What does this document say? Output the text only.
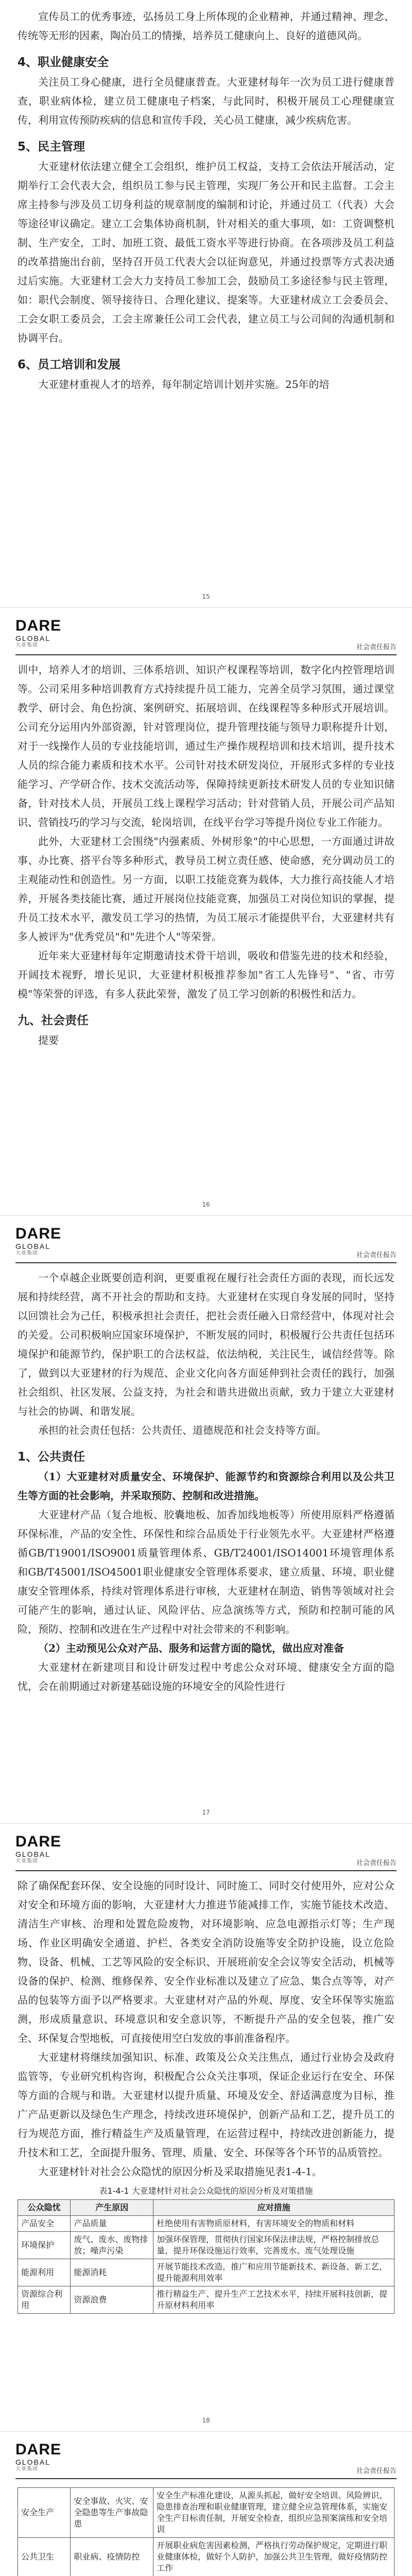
宣传员工的优秀事迹，弘扬员工身上所体现的企业精神，并通过精神、理念、传统等无形的因素，陶冶员工的情操，培养员工健康向上、良好的道德风尚。

4、职业健康安全

关注员工身心健康，进行全员健康普查。大亚建材每年一次为员工进行健康普查，职业病体检，建立员工健康电子档案，与此同时，积极开展员工心理健康宣传，利用宣传预防疾病的信息和宣传手段，关心员工健康，减少疾病危害。

5、民主管理

大亚建材依法建立健全工会组织，维护员工权益，支持工会依法开展活动，定期举行工会代表大会，组织员工参与民主管理，实现厂务公开和民主监督。工会主席主持参与涉及员工切身利益的规章制度的编制和讨论，并通过员工（代表）大会等途径审议确定。建立工会集体协商机制，针对相关的重大事项，如：工资调整机制、生产安全，工时、加班工资、最低工资水平等进行协商。在各项涉及员工利益的改革措施出台前，坚持召开员工代表大会以征询意见，并通过投票等方式表决通过后实施。大亚建材工会大力支持员工参加工会，鼓励员工多途径参与民主管理，如：职代会制度、领导接待日、合理化建议、提案等。大亚建材成立工会委员会、工会女职工委员会，工会主席兼任公司工会代表，建立员工与公司间的沟通机制和协调平台。

6、员工培训和发展

大亚建材重视人才的培养，每年制定培训计划并实施。25年的培

15
DARE
GLOBAL
大亚集团	社会责任报告

训中，培养人才的培训、三体系培训、知识产权课程等培训，数字化内控管理培训等。公司采用多种培训教育方式持续提升员工能力，完善全员学习氛围，通过课堂教学、研讨会、角色扮演、案例研究、拓展培训、在线课程等多种形式开展培训。公司充分运用内外部资源，针对管理岗位，提升管理技能与领导力职称提升计划，对于一线操作人员的专业技能培训，通过生产操作规程培训和技术培训，提升技术人员的综合能力素质和技术水平。公司针对技术研发岗位，开展形式多样的专业技能学习、产学研合作、技术交流活动等，保障持续更新技术研发人员的专业知识储备，针对技术人员，开展员工线上课程学习活动；针对营销人员，开展公司产品知识、营销技巧的学习与交流，轮岗培训，在线平台学习等提升岗位专业工作能力。

此外，大亚建材工会围绕"内强素质、外树形象"的中心思想，一方面通过讲故事、办比赛、搭平台等多种形式，教导员工树立责任感、使命感，充分调动员工的主观能动性和创造性。另一方面，以职工技能竞赛为载体，大力推行高技能人才培养，开展各类技能比赛，通过开展岗位技能竞赛，加强员工对岗位知识的掌握，提升员工技术水平，激发员工学习的热情，为员工展示才能提供平台，大亚建材共有多人被评为"优秀党员"和"先进个人"等荣誉。

近年来大亚建材每年定期邀请技术骨干培训，吸收和借鉴先进的技术和经验，开阔技术视野，增长见识，大亚建材积极推荐参加"省工人先锋号"、"省、市劳模"等荣誉的评选，有多人获此荣誉，激发了员工学习创新的积极性和活力。

九、社会责任

提要

16
DARE
GLOBAL
大亚集团	社会责任报告

一个卓越企业既要创造利润，更要重视在履行社会责任方面的表现，而长远发展和持续经营，离不开社会的帮助和支持。大亚建材在实现自身发展的同时，坚持以回馈社会为己任，积极承担社会责任，把社会责任融入日常经营中，体现对社会的关爱。公司积极响应国家环境保护，不断发展的同时，积极履行公共责任包括环境保护和能源节约，保护职工的合法权益，依法纳税，关注民生，诚信经营等。除了，做到以大亚建材的行为规范、企业文化向各方面延伸到社会责任的践行，加强社会组织、社区发展、公益支持，为社会和谐共进做出贡献，致力于建立大亚建材与社会的协调、和谐发展。

承担的社会责任包括：公共责任、道德规范和社会支持等方面。

1、公共责任

（1）大亚建材对质量安全、环境保护、能源节约和资源综合利用以及公共卫生等方面的社会影响，并采取预防、控制和改进措施。

大亚建材产品（复合地板、胶囊地板、加香加线地板等）所使用原料严格遵循环保标准，产品的安全性、环保性和综合品质处于行业领先水平。大亚建材严格遵循GB/T19001/ISO9001质量管理体系、GB/T24001/ISO14001环境管理体系和GB/T45001/ISO45001职业健康安全管理体系要求，建立质量、环境、职业健康安全管理体系，持续对管理体系进行审核，大亚建材在制造、销售等领域对社会可能产生的影响，通过认证、风险评估、应急演练等方式，预防和控制可能的风险，预防、控制和改进在生产过程中对社会带来的不利影响。

（2）主动预见公众对产品、服务和运营方面的隐忧，做出应对准备

大亚建材在新建项目和设计研发过程中考虑公众对环境、健康安全方面的隐忧，会在前期通过对新建基础设施的环境安全的风险性进行

17
DARE
GLOBAL
大亚集团	社会责任报告

除了确保配套环保、安全设施的同时设计、同时施工、同时交付使用外，应对公众对安全和环境方面的影响，大亚建材大力推进节能减排工作，实施节能技术改造、清洁生产审核、治理和处置危险废物，对环境影响、应急电源指示灯等；生产现场、作业区明确安全通道、护栏、各类安全消防设施等安全防护设施，设立危险物、设备、机械、工艺等风险的安全标识、开展班前安全会议等安全活动，机械等设备的保护、检测、维修保养、安全作业标准以及建立了应急、集合点等等，对产品的包装等方面予以严格要求。大亚建材对产品的外观、厚度、安全环保等实施监测，形成质量意识、环境意识和安全意识等，不断提升产品的安全包装，推广安全、环保复合型地板，可直接使用空白发放的事前准备程序。

大亚建材将继续加强知识、标准、政策及公众关注焦点，通过行业协会及政府监管等，专业研究机构咨询，积极配合公众关注事项，保证企业运行在安全、环保等方面的合规与和谐。大亚建材以提升质量、环境及安全、舒适满意度为目标，推广产品更新以及绿色生产理念，持续改进环境保护，创新产品和工艺，提升员工的行为规范方面，推行精益生产及质量管理，在运营过程中，持续改进创新能力，提升技术和工艺，全面提升服务、管理、质量、安全、环保等各个环节的品质管控。

大亚建材针对社会公众隐忧的原因分析及采取措施见表1-4-1。

表1-4-1 大亚建材针对社会公众隐忧的原因分析及对策措施
公众隐忧	产生原因	应对措施
产品安全	产品质量	杜绝使用有害物质原材料，有害环境安全的物质和材料
环境保护	废气、废水、废物排放；噪声污染	加强环保管理，贯彻执行国家环保法律法规，严格控制排放总量，提升环保设施运行效率，完善废水、废气处理设施
能源利用	能源消耗	开展节能技术改造，推广和应用节能新技术、新设备、新工艺，提升能源利用效率
资源综合利用	资源浪费	推行精益生产、提升生产工艺技术水平，持续开展科技创新，提升原材料利用率
18
DARE
GLOBAL
大亚集团	社会责任报告
安全生产	安全事故、火灾、安全隐患等生产事故隐患	安全生产标准化建设，从源头抓起，做好安全培训、风险辨识、隐患排查治理和职业健康管理，建立健全应急管理体系，实施安全生产目标责任制，开展安全检查，组织应急预案演练和安全培训
公共卫生	职业病、疫情防控	开展职业病危害因素检测，严格执行劳动保护规定，定期进行职业健康体检，做好个人防护，加强公共卫生管理，做好疫情防控工作
